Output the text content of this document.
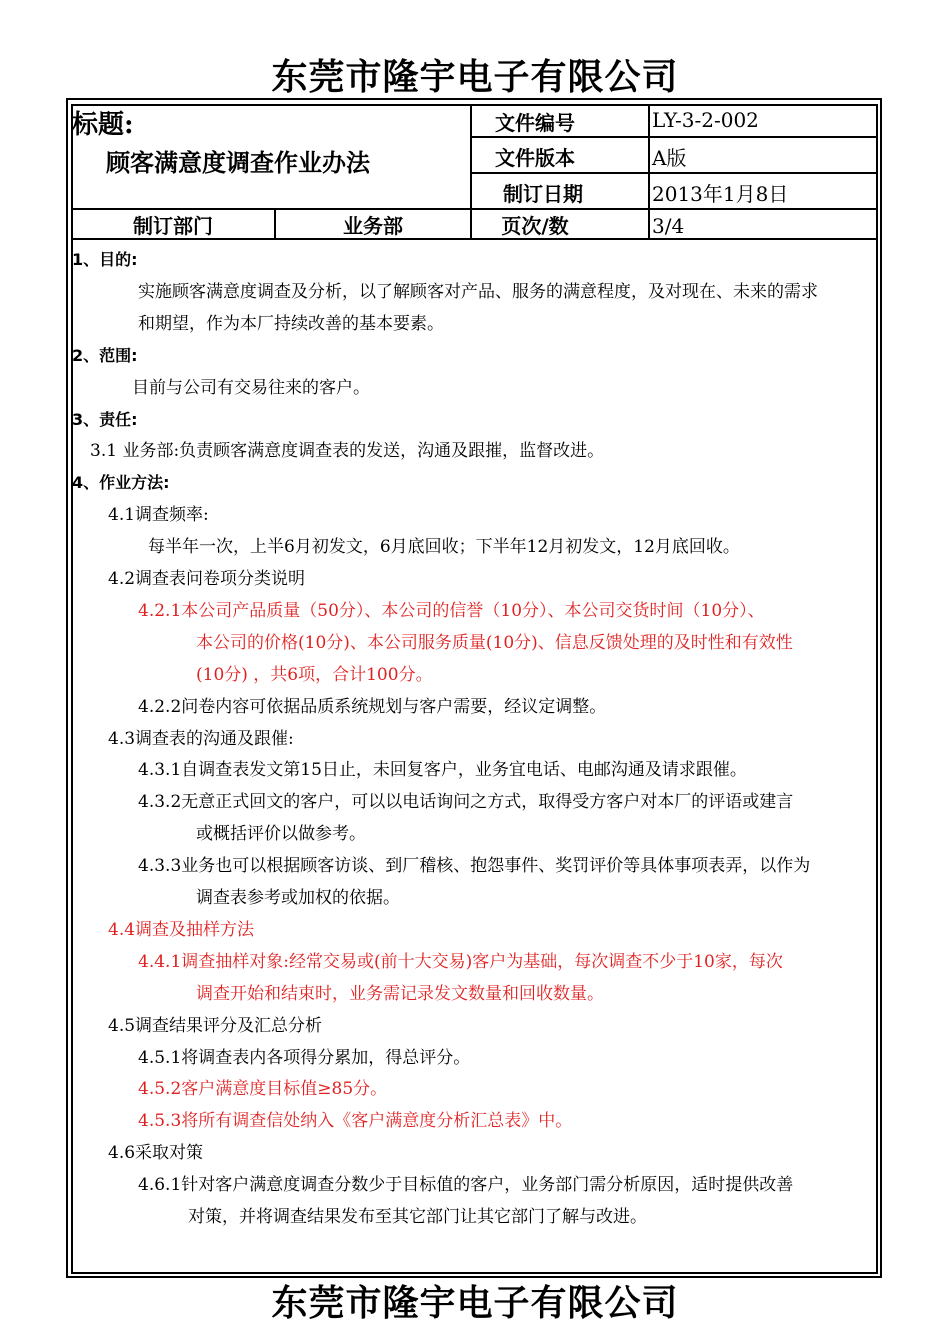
东莞市隆宇电子有限公司
标题:
顾客满意度调查作业办法
文件编号	LY-3-2-002
文件版本	A版
制订日期	2013年1月8日
制订部门	业务部	页次/数	3/4
1、目的:
实施顾客满意度调查及分析，以了解顾客对产品、服务的满意程度，及对现在、未来的需求
和期望，作为本厂持续改善的基本要素。
2、范围:
目前与公司有交易往来的客户。
3、责任:
3.1 业务部:负责顾客满意度调查表的发送，沟通及跟摧，监督改进。
4、作业方法:
4.1调查频率:
每半年一次，上半6月初发文，6月底回收；下半年12月初发文，12月底回收。
4.2调查表问卷项分类说明
4.2.1本公司产品质量（50分）、本公司的信誉（10分）、本公司交货时间（10分）、
本公司的价格(10分)、本公司服务质量(10分)、信息反馈处理的及时性和有效性
(10分) ，共6项，合计100分。
4.2.2问卷内容可依据品质系统规划与客户需要，经议定调整。
4.3调查表的沟通及跟催:
4.3.1自调查表发文第15日止，未回复客户，业务宜电话、电邮沟通及请求跟催。
4.3.2无意正式回文的客户，可以以电话询问之方式，取得受方客户对本厂的评语或建言
或概括评价以做参考。
4.3.3业务也可以根据顾客访谈、到厂稽核、抱怨事件、奖罚评价等具体事项表弄，以作为
调查表参考或加权的依据。
4.4调查及抽样方法
4.4.1调查抽样对象:经常交易或(前十大交易)客户为基础，每次调查不少于10家，每次
调查开始和结束时，业务需记录发文数量和回收数量。
4.5调查结果评分及汇总分析
4.5.1将调查表内各项得分累加，得总评分。
4.5.2客户满意度目标值≥85分。
4.5.3将所有调查信处纳入《客户满意度分析汇总表》中。
4.6采取对策
4.6.1针对客户满意度调查分数少于目标值的客户，业务部门需分析原因，适时提供改善
对策，并将调查结果发布至其它部门让其它部门了解与改进。
东莞市隆宇电子有限公司
